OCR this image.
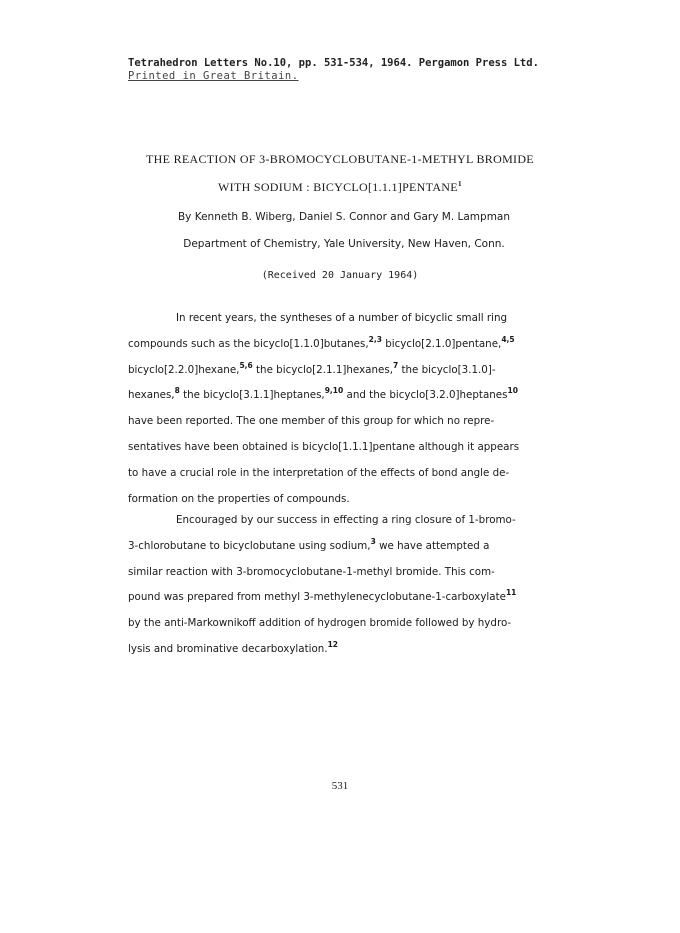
Tetrahedron Letters No.10, pp. 531-534, 1964. Pergamon Press Ltd.
Printed in Great Britain.
THE REACTION OF 3-BROMOCYCLOBUTANE-1-METHYL BROMIDE
WITH SODIUM : BICYCLO[1.1.1]PENTANE$^1$
By Kenneth B. Wiberg, Daniel S. Connor and Gary M. Lampman
Department of Chemistry, Yale University, New Haven, Conn.
(Received 20 January 1964)
In recent years, the syntheses of a number of bicyclic small ring
compounds such as the bicyclo[1.1.0]butanes,$^{2,3}$ bicyclo[2.1.0]pentane,$^{4,5}$
bicyclo[2.2.0]hexane,$^{5,6}$ the bicyclo[2.1.1]hexanes,$^7$ the bicyclo[3.1.0]-
hexanes,$^8$ the bicyclo[3.1.1]heptanes,$^{9,10}$ and the bicyclo[3.2.0]heptanes$^{10}$
have been reported. The one member of this group for which no repre-
sentatives have been obtained is bicyclo[1.1.1]pentane although it appears
to have a crucial role in the interpretation of the effects of bond angle de-
formation on the properties of compounds.
Encouraged by our success in effecting a ring closure of 1-bromo-
3-chlorobutane to bicyclobutane using sodium,$^3$ we have attempted a
similar reaction with 3-bromocyclobutane-1-methyl bromide. This com-
pound was prepared from methyl 3-methylenecyclobutane-1-carboxylate$^{11}$
by the anti-Markownikoff addition of hydrogen bromide followed by hydro-
lysis and brominative decarboxylation.$^{12}$
531
